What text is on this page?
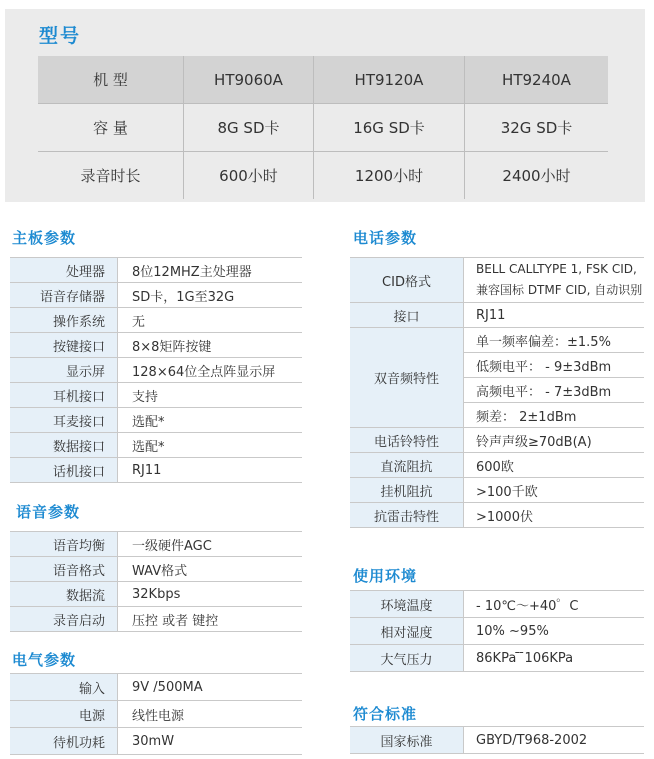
型号
机 型	HT9060A	HT9120A	HT9240A
容 量	8G SD卡	16G SD卡	32G SD卡
录音时长	600小时	1200小时	2400小时
主板参数
处理器	8位12MHZ主处理器
语音存储器	SD卡，1G至32G
操作系统	无
按键接口	8×8矩阵按键
显示屏	128×64位全点阵显示屏
耳机接口	支持
耳麦接口	选配*
数据接口	选配*
话机接口	RJ11
语音参数
语音均衡	一级硬件AGC
语音格式	WAV格式
数据流	32Kbps
录音启动	压控 或者 键控
电气参数
输入	9V /500MA
电源	线性电源
待机功耗	30mW
电话参数
CID格式	BELL CALLTYPE 1, FSK CID,
兼容国标 DTMF CID, 自动识别

接口	RJ11
双音频特性	单一频率偏差：±1.5%
	低频电平： - 9±3dBm
	高频电平： - 7±3dBm
	频差： 2±1dBm
电话铃特性	铃声声级≥70dB(A)
直流阻抗	600欧
挂机阻抗	>100千欧
抗雷击特性	>1000伏
使用环境
环境温度	- 10℃～+40゜C
相对湿度	10% ~95%
大气压力	86KPa ̄ ̄106KPa
符合标准
国家标准	GBYD/T968-2002
